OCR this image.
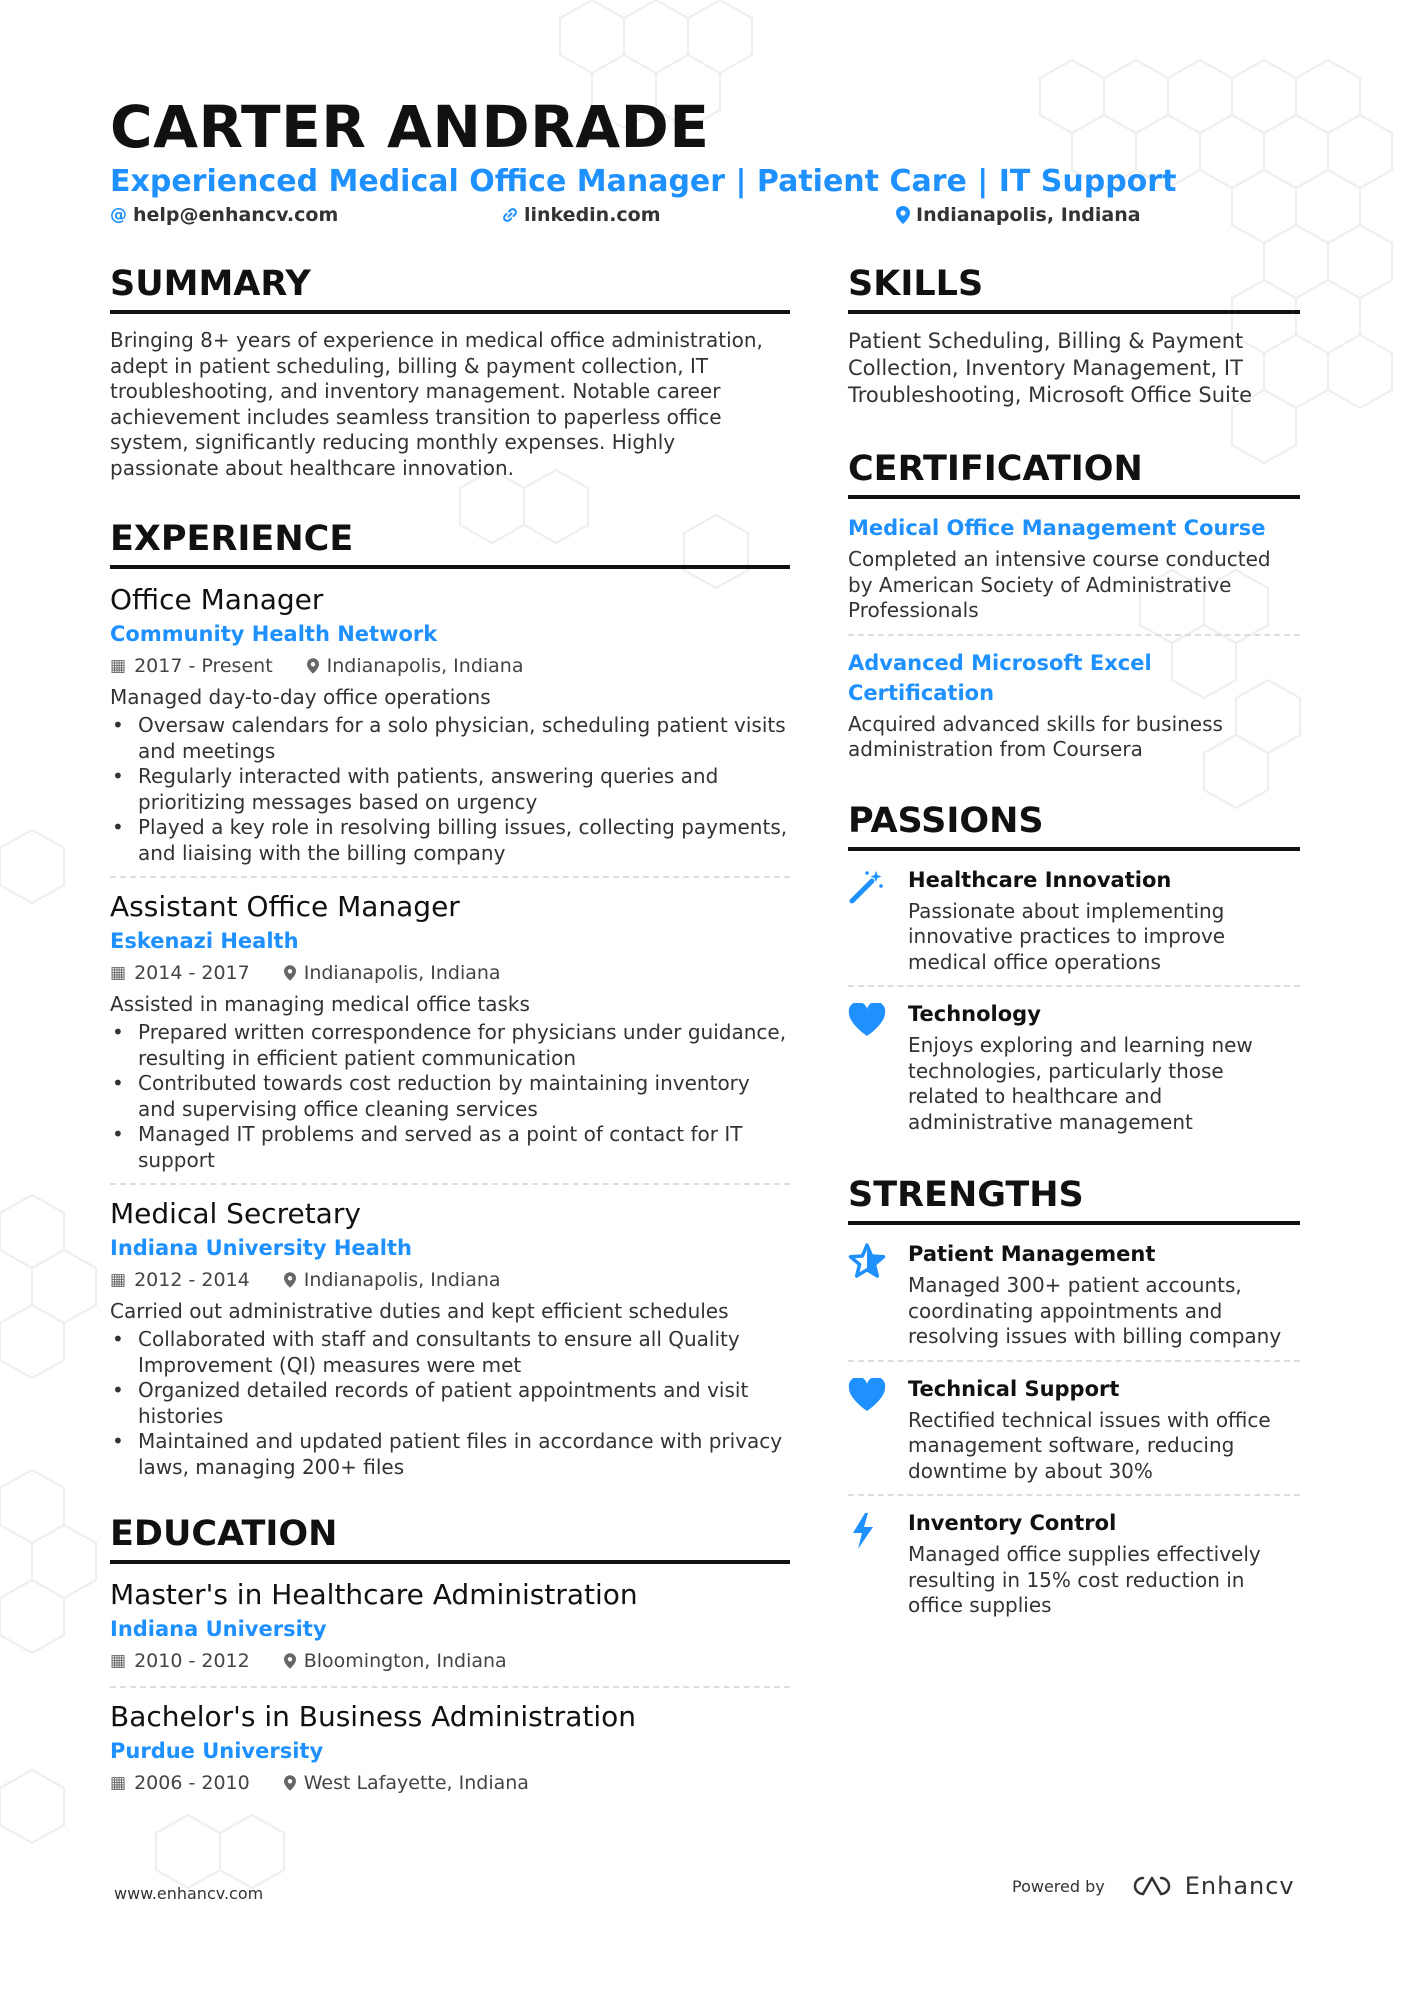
CARTER ANDRADE
Experienced Medical Office Manager | Patient Care | IT Support
@ help@enhancv.com	linkedin.com	Indianapolis, Indiana
SUMMARY
Bringing 8+ years of experience in medical office administration, adept in patient scheduling, billing & payment collection, IT troubleshooting, and inventory management. Notable career achievement includes seamless transition to paperless office system, significantly reducing monthly expenses. Highly passionate about healthcare innovation.
EXPERIENCE
Office Manager
Community Health Network
▦ 2017 - Present	Indianapolis, Indiana
Managed day-to-day office operations
• Oversaw calendars for a solo physician, scheduling patient visits and meetings
• Regularly interacted with patients, answering queries and prioritizing messages based on urgency
• Played a key role in resolving billing issues, collecting payments, and liaising with the billing company
Assistant Office Manager
Eskenazi Health
▦ 2014 - 2017	Indianapolis, Indiana
Assisted in managing medical office tasks
• Prepared written correspondence for physicians under guidance, resulting in efficient patient communication
• Contributed towards cost reduction by maintaining inventory and supervising office cleaning services
• Managed IT problems and served as a point of contact for IT support
Medical Secretary
Indiana University Health
▦ 2012 - 2014	Indianapolis, Indiana
Carried out administrative duties and kept efficient schedules
• Collaborated with staff and consultants to ensure all Quality Improvement (QI) measures were met
• Organized detailed records of patient appointments and visit histories
• Maintained and updated patient files in accordance with privacy laws, managing 200+ files
EDUCATION
Master's in Healthcare Administration
Indiana University
▦ 2010 - 2012	Bloomington, Indiana
Bachelor's in Business Administration
Purdue University
▦ 2006 - 2010	West Lafayette, Indiana
SKILLS
Patient Scheduling, Billing & Payment Collection, Inventory Management, IT Troubleshooting, Microsoft Office Suite
CERTIFICATION
Medical Office Management Course
Completed an intensive course conducted by American Society of Administrative Professionals
Advanced Microsoft Excel Certification
Acquired advanced skills for business administration from Coursera
PASSIONS
Healthcare Innovation
Passionate about implementing innovative practices to improve medical office operations
Technology
Enjoys exploring and learning new technologies, particularly those related to healthcare and administrative management
STRENGTHS
Patient Management
Managed 300+ patient accounts, coordinating appointments and resolving issues with billing company
Technical Support
Rectified technical issues with office management software, reducing downtime by about 30%
Inventory Control
Managed office supplies effectively resulting in 15% cost reduction in office supplies
www.enhancv.com	Powered by	Enhancv
